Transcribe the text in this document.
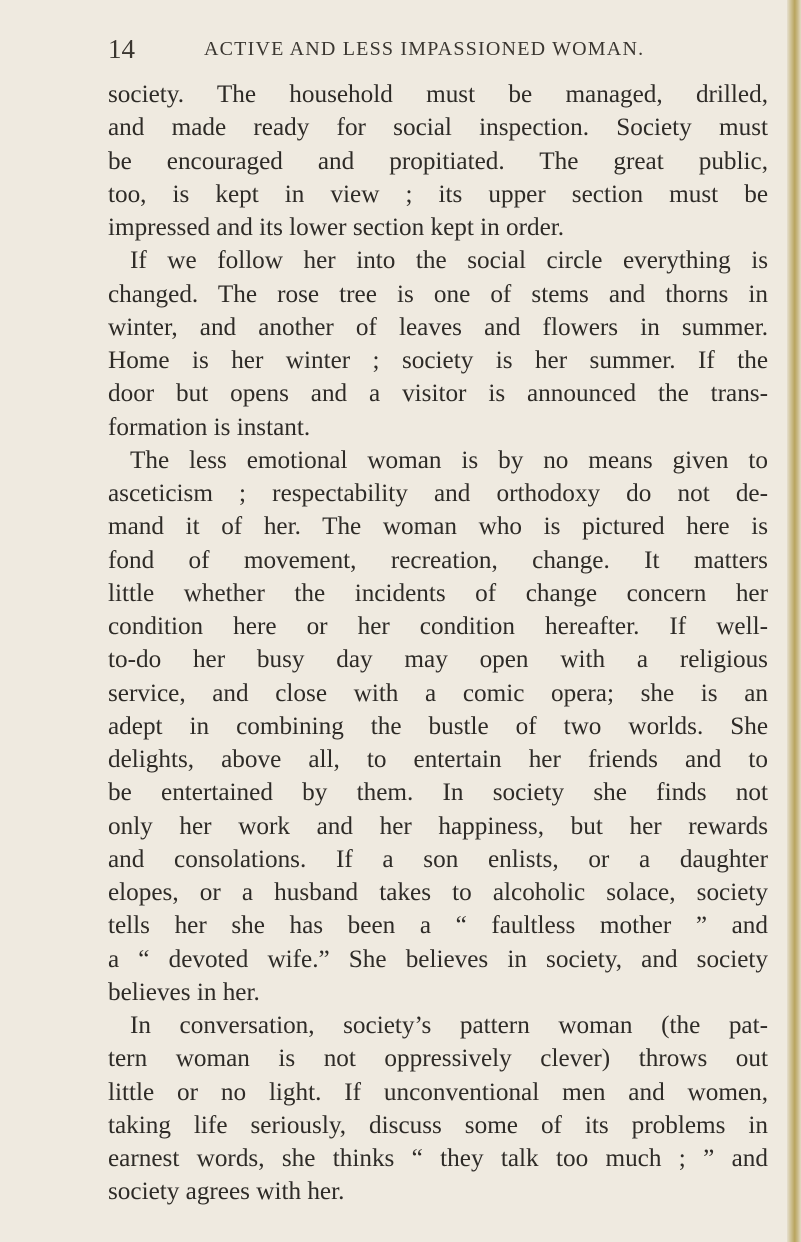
14	ACTIVE AND LESS IMPASSIONED WOMAN.
society. The household must be managed, drilled,
and made ready for social inspection. Society must
be encouraged and propitiated. The great public,
too, is kept in view ; its upper section must be
impressed and its lower section kept in order.
If we follow her into the social circle everything is
changed. The rose tree is one of stems and thorns in
winter, and another of leaves and flowers in summer.
Home is her winter ; society is her summer. If the
door but opens and a visitor is announced the trans-
formation is instant.
The less emotional woman is by no means given to
asceticism ; respectability and orthodoxy do not de-
mand it of her. The woman who is pictured here is
fond of movement, recreation, change. It matters
little whether the incidents of change concern her
condition here or her condition hereafter. If well-
to-do her busy day may open with a religious
service, and close with a comic opera; she is an
adept in combining the bustle of two worlds. She
delights, above all, to entertain her friends and to
be entertained by them. In society she finds not
only her work and her happiness, but her rewards
and consolations. If a son enlists, or a daughter
elopes, or a husband takes to alcoholic solace, society
tells her she has been a “ faultless mother ” and
a “ devoted wife.” She believes in society, and society
believes in her.
In conversation, society’s pattern woman (the pat-
tern woman is not oppressively clever) throws out
little or no light. If unconventional men and women,
taking life seriously, discuss some of its problems in
earnest words, she thinks “ they talk too much ; ” and
society agrees with her.
